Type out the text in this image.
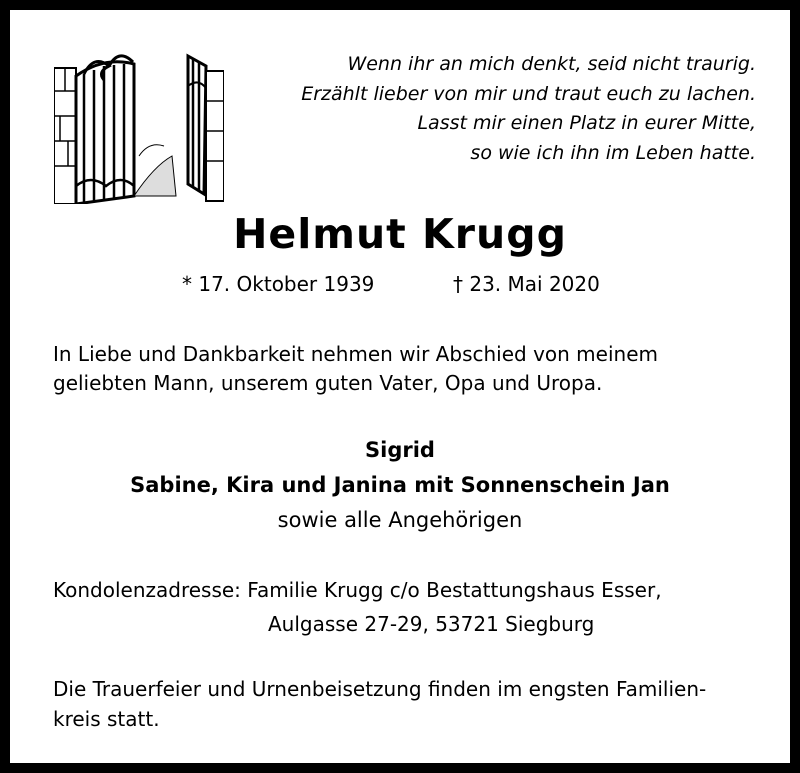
Wenn ihr an mich denkt, seid nicht traurig.
Erzählt lieber von mir und traut euch zu lachen.
Lasst mir einen Platz in eurer Mitte,
so wie ich ihn im Leben hatte.
Helmut Krugg
* 17. Oktober 1939	† 23. Mai 2020
In Liebe und Dankbarkeit nehmen wir Abschied von meinem
geliebten Mann, unserem guten Vater, Opa und Uropa.
Sigrid
Sabine, Kira und Janina mit Sonnenschein Jan
sowie alle Angehörigen
Kondolenzadresse: Familie Krugg c/o Bestattungshaus Esser,
Aulgasse 27-29, 53721 Siegburg
Die Trauerfeier und Urnenbeisetzung finden im engsten Familien-
kreis statt.
